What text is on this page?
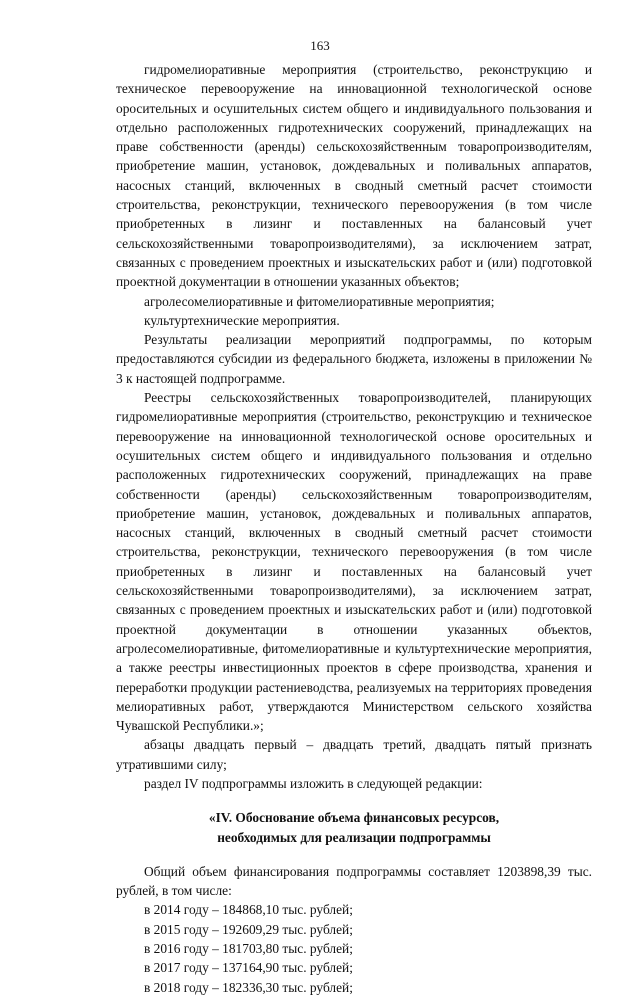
163

гидромелиоративные мероприятия (строительство, реконструкцию и техническое перевооружение на инновационной технологической основе оросительных и осушительных систем общего и индивидуального пользования и отдельно расположенных гидротехнических сооружений, принадлежащих на праве собственности (аренды) сельскохозяйственным товаропроизводителям, приобретение машин, установок, дождевальных и поливальных аппаратов, насосных станций, включенных в сводный сметный расчет стоимости строительства, реконструкции, технического перевооружения (в том числе приобретенных в лизинг и поставленных на балансовый учет сельскохозяйственными товаропроизводителями), за исключением затрат, связанных с проведением проектных и изыскательских работ и (или) подготовкой проектной документации в отношении указанных объектов;

агролесомелиоративные и фитомелиоративные мероприятия;

культуртехнические мероприятия.

Результаты реализации мероприятий подпрограммы, по которым предоставляются субсидии из федерального бюджета, изложены в приложении № 3 к настоящей подпрограмме.

Реестры сельскохозяйственных товаропроизводителей, планирующих гидромелиоративные мероприятия (строительство, реконструкцию и техническое перевооружение на инновационной технологической основе оросительных и осушительных систем общего и индивидуального пользования и отдельно расположенных гидротехнических сооружений, принадлежащих на праве собственности (аренды) сельскохозяйственным товаропроизводителям, приобретение машин, установок, дождевальных и поливальных аппаратов, насосных станций, включенных в сводный сметный расчет стоимости строительства, реконструкции, технического перевооружения (в том числе приобретенных в лизинг и поставленных на балансовый учет сельскохозяйственными товаропроизводителями), за исключением затрат, связанных с проведением проектных и изыскательских работ и (или) подготовкой проектной документации в отношении указанных объектов, агролесомелиоративные, фитомелиоративные и культуртехнические мероприятия, а также реестры инвестиционных проектов в сфере производства, хранения и переработки продукции растениеводства, реализуемых на территориях проведения мелиоративных работ, утверждаются Министерством сельского хозяйства Чувашской Республики.»;

абзацы двадцать первый – двадцать третий, двадцать пятый признать утратившими силу;

раздел IV подпрограммы изложить в следующей редакции:

«IV. Обоснование объема финансовых ресурсов,
необходимых для реализации подпрограммы

Общий объем финансирования подпрограммы составляет 1203898,39 тыс. рублей, в том числе:

в 2014 году – 184868,10 тыс. рублей;
в 2015 году – 192609,29 тыс. рублей;
в 2016 году – 181703,80 тыс. рублей;
в 2017 году – 137164,90 тыс. рублей;
в 2018 году – 182336,30 тыс. рублей;
